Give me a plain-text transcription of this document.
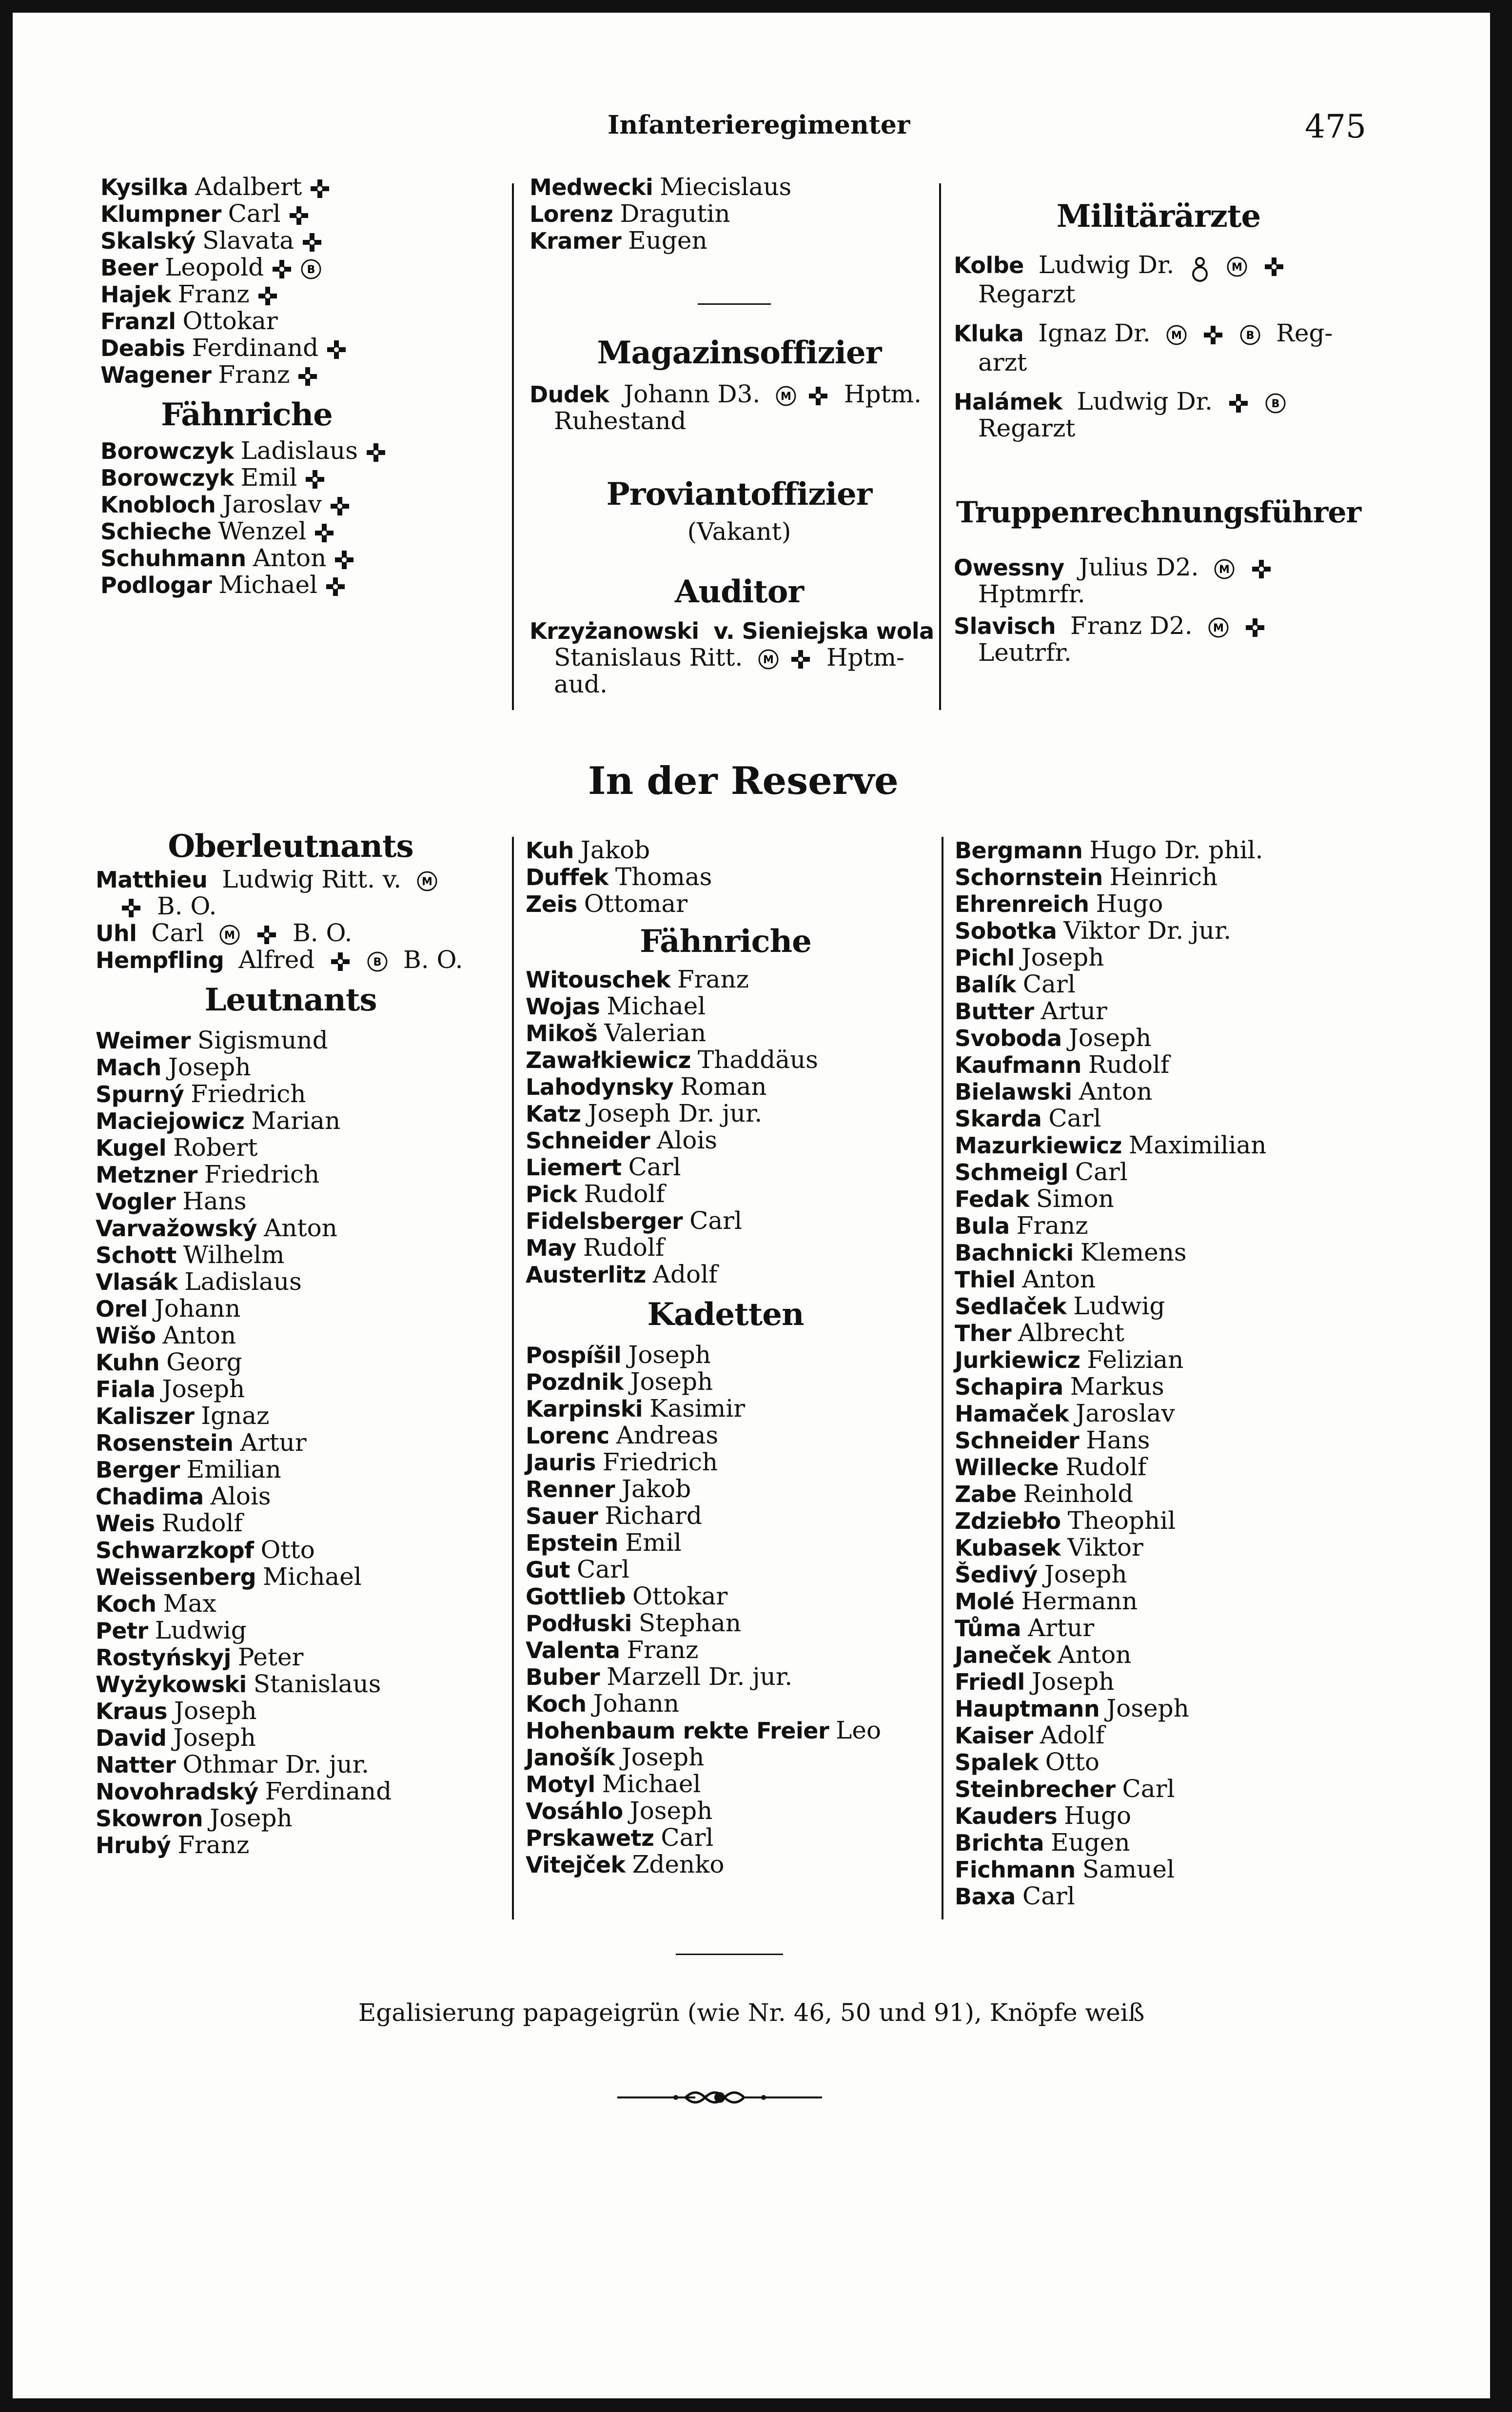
Infanterieregimenter	475
Kysilka Adalbert
Klumpner Carl
Skalský Slavata
Beer Leopold	B
Hajek Franz
Franzl Ottokar
Deabis Ferdinand
Wagener Franz
Fähnriche
Borowczyk Ladislaus
Borowczyk Emil
Knobloch Jaroslav
Schieche Wenzel
Schuhmann Anton
Podlogar Michael
Medwecki Miecislaus
Lorenz Dragutin
Kramer Eugen
Magazinsoffizier
Dudek Johann D3. M Hptm.
Ruhestand
Proviantoffizier
(Vakant)
Auditor
Krzyżanowski v. Sieniejska wola
Stanislaus Ritt. M Hptm-
aud.
Militärärzte
Kolbe Ludwig Dr.	M

Regarzt
Kluka Ignaz Dr. M
	B Reg-
arzt
Halámek Ludwig Dr.	B
Regarzt
Truppenrechnungsführer
Owessny Julius D2. M

Hptmrfr.
Slavisch Franz D2. M

Leutrfr.
In der Reserve
Oberleutnants
Matthieu Ludwig Ritt. v. M
B. O.
Uhl Carl M B. O.
Hempfling Alfred	B B. O.
Leutnants
Weimer Sigismund
Mach Joseph
Spurný Friedrich
Maciejowicz Marian
Kugel Robert
Metzner Friedrich
Vogler Hans
Varvažowský Anton
Schott Wilhelm
Vlasák Ladislaus
Orel Johann
Wišo Anton
Kuhn Georg
Fiala Joseph
Kaliszer Ignaz
Rosenstein Artur
Berger Emilian
Chadima Alois
Weis Rudolf
Schwarzkopf Otto
Weissenberg Michael
Koch Max
Petr Ludwig
Rostyńskyj Peter
Wyżykowski Stanislaus
Kraus Joseph
David Joseph
Natter Othmar Dr. jur.
Novohradský Ferdinand
Skowron Joseph
Hrubý Franz
Kuh Jakob
Duffek Thomas
Zeis Ottomar
Fähnriche
Witouschek Franz
Wojas Michael
Mikoš Valerian
Zawałkiewicz Thaddäus
Lahodynsky Roman
Katz Joseph Dr. jur.
Schneider Alois
Liemert Carl
Pick Rudolf
Fidelsberger Carl
May Rudolf
Austerlitz Adolf
Kadetten
Pospíšil Joseph
Pozdnik Joseph
Karpinski Kasimir
Lorenc Andreas
Jauris Friedrich
Renner Jakob
Sauer Richard
Epstein Emil
Gut Carl
Gottlieb Ottokar
Podłuski Stephan
Valenta Franz
Buber Marzell Dr. jur.
Koch Johann
Hohenbaum rekte Freier Leo
Janošík Joseph
Motyl Michael
Vosáhlo Joseph
Prskawetz Carl
Vitejček Zdenko
Bergmann Hugo Dr. phil.
Schornstein Heinrich
Ehrenreich Hugo
Sobotka Viktor Dr. jur.
Pichl Joseph
Balík Carl
Butter Artur
Svoboda Joseph
Kaufmann Rudolf
Bielawski Anton
Skarda Carl
Mazurkiewicz Maximilian
Schmeigl Carl
Fedak Simon
Bula Franz
Bachnicki Klemens
Thiel Anton
Sedlaček Ludwig
Ther Albrecht
Jurkiewicz Felizian
Schapira Markus
Hamaček Jaroslav
Schneider Hans
Willecke Rudolf
Zabe Reinhold
Zdziebło Theophil
Kubasek Viktor
Šedivý Joseph
Molé Hermann
Tůma Artur
Janeček Anton
Friedl Joseph
Hauptmann Joseph
Kaiser Adolf
Spalek Otto
Steinbrecher Carl
Kauders Hugo
Brichta Eugen
Fichmann Samuel
Baxa Carl
Egalisierung papageigrün (wie Nr. 46, 50 und 91), Knöpfe weiß
